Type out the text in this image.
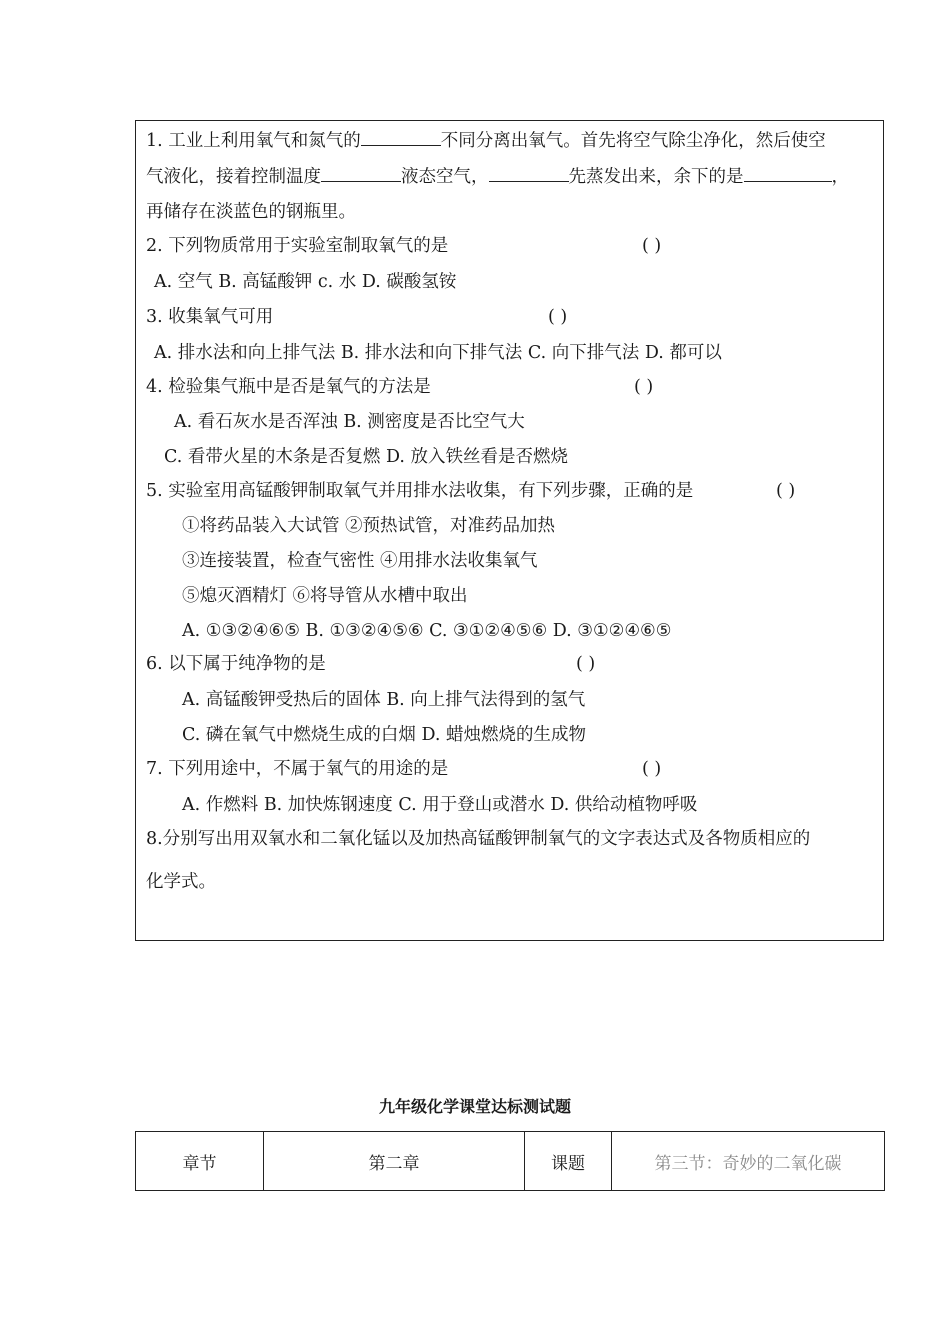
1. 工业上利用氧气和氮气的	不同分离出氧气。首先将空气除尘净化，然后使空
气液化，接着控制温度	液态空气，	先蒸发出来，余下的是	，
再储存在淡蓝色的钢瓶里。
2. 下列物质常用于实验室制取氧气的是	( )
A. 空气 B. 高锰酸钾 c. 水 D. 碳酸氢铵
3. 收集氧气可用	( )
A. 排水法和向上排气法 B. 排水法和向下排气法 C. 向下排气法 D. 都可以
4. 检验集气瓶中是否是氧气的方法是	( )
A. 看石灰水是否浑浊 B. 测密度是否比空气大
C. 看带火星的木条是否复燃 D. 放入铁丝看是否燃烧
5. 实验室用高锰酸钾制取氧气并用排水法收集，有下列步骤，正确的是	( )
①将药品装入大试管 ②预热试管，对准药品加热
③连接装置，检查气密性 ④用排水法收集氧气
⑤熄灭酒精灯 ⑥将导管从水槽中取出
A. ①③②④⑥⑤ B. ①③②④⑤⑥ C. ③①②④⑤⑥ D. ③①②④⑥⑤
6. 以下属于纯净物的是	( )
A. 高锰酸钾受热后的固体 B. 向上排气法得到的氢气
C. 磷在氧气中燃烧生成的白烟 D. 蜡烛燃烧的生成物
7. 下列用途中，不属于氧气的用途的是	( )
A. 作燃料 B. 加快炼钢速度 C. 用于登山或潜水 D. 供给动植物呼吸
8.分别写出用双氧水和二氧化锰以及加热高锰酸钾制氧气的文字表达式及各物质相应的
化学式。
九年级化学课堂达标测试题
章节	第二章	课题	第三节：奇妙的二氧化碳
